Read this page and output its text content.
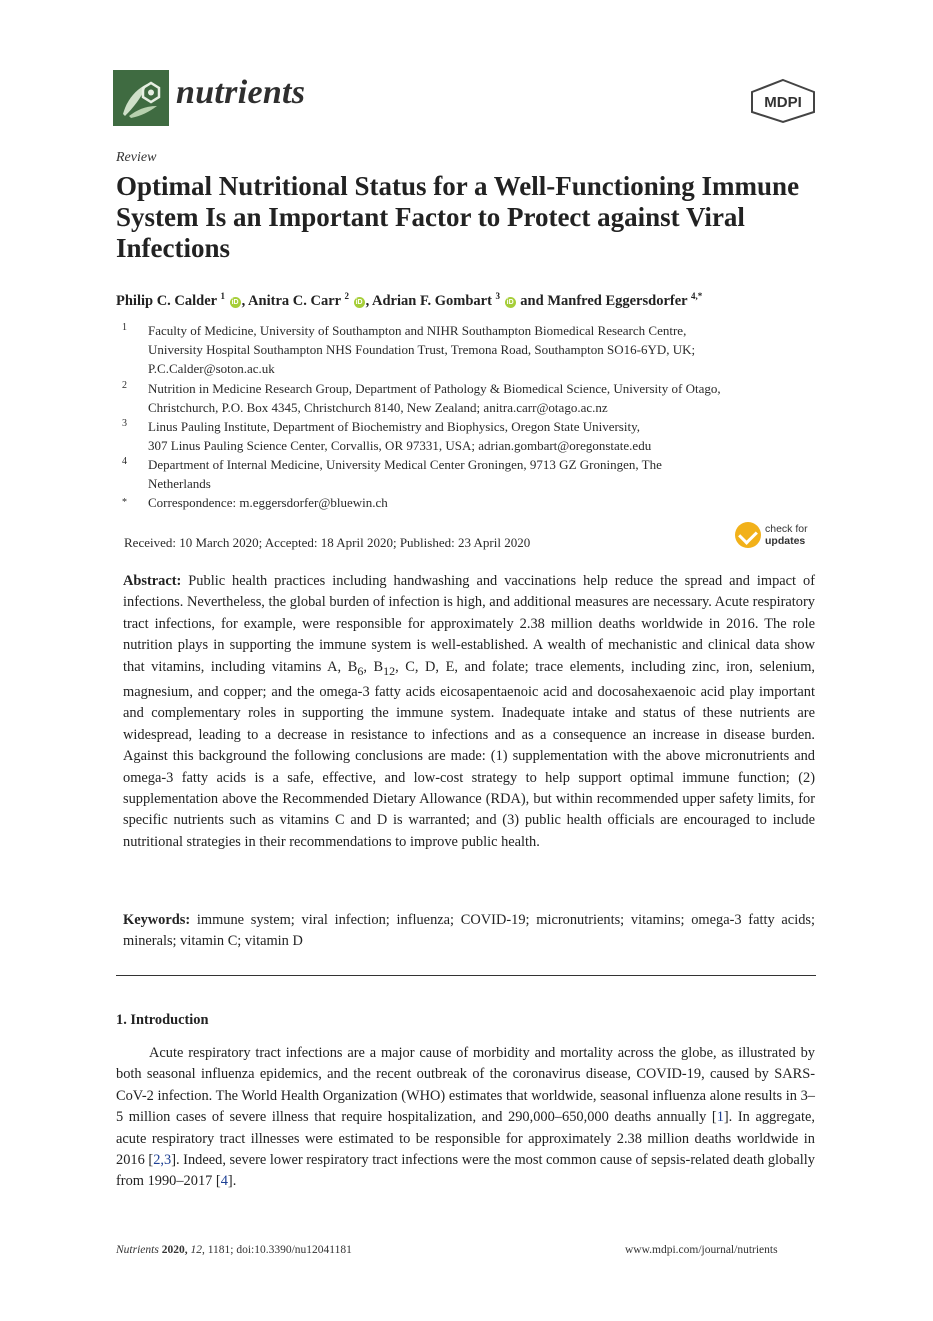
nutrients	MDPI
Review
Optimal Nutritional Status for a Well-Functioning Immune System Is an Important Factor to Protect against Viral Infections
Philip C. Calder $^1$ iD , Anitra C. Carr $^2$ iD , Adrian F. Gombart $^3$ iD and Manfred Eggersdorfer $^{4,*}$
1 Faculty of Medicine, University of Southampton and NIHR Southampton Biomedical Research Centre,
University Hospital Southampton NHS Foundation Trust, Tremona Road, Southampton SO16-6YD, UK;
P.C.Calder@soton.ac.uk
2 Nutrition in Medicine Research Group, Department of Pathology & Biomedical Science, University of Otago,
Christchurch, P.O. Box 4345, Christchurch 8140, New Zealand; anitra.carr@otago.ac.nz
3 Linus Pauling Institute, Department of Biochemistry and Biophysics, Oregon State University,
307 Linus Pauling Science Center, Corvallis, OR 97331, USA; adrian.gombart@oregonstate.edu
4 Department of Internal Medicine, University Medical Center Groningen, 9713 GZ Groningen, The
Netherlands
* Correspondence: m.eggersdorfer@bluewin.ch
Received: 10 March 2020; Accepted: 18 April 2020; Published: 23 April 2020
check for
updates
Abstract: Public health practices including handwashing and vaccinations help reduce the spread and impact of infections. Nevertheless, the global burden of infection is high, and additional measures are necessary. Acute respiratory tract infections, for example, were responsible for approximately 2.38 million deaths worldwide in 2016. The role nutrition plays in supporting the immune system is well-established. A wealth of mechanistic and clinical data show that vitamins, including vitamins A, $B_6$, $B_{12}$, C, D, E, and folate; trace elements, including zinc, iron, selenium, magnesium, and copper; and the omega-3 fatty acids eicosapentaenoic acid and docosahexaenoic acid play important and complementary roles in supporting the immune system. Inadequate intake and status of these nutrients are widespread, leading to a decrease in resistance to infections and as a consequence an increase in disease burden. Against this background the following conclusions are made: (1) supplementation with the above micronutrients and omega-3 fatty acids is a safe, effective, and low-cost strategy to help support optimal immune function; (2) supplementation above the Recommended Dietary Allowance (RDA), but within recommended upper safety limits, for specific nutrients such as vitamins C and D is warranted; and (3) public health officials are encouraged to include nutritional strategies in their recommendations to improve public health.
Keywords: immune system; viral infection; influenza; COVID-19; micronutrients; vitamins; omega-3 fatty acids; minerals; vitamin C; vitamin D
1. Introduction
Acute respiratory tract infections are a major cause of morbidity and mortality across the globe, as illustrated by both seasonal influenza epidemics, and the recent outbreak of the coronavirus disease, COVID-19, caused by SARS-CoV-2 infection. The World Health Organization (WHO) estimates that worldwide, seasonal influenza alone results in 3–5 million cases of severe illness that require hospitalization, and 290,000–650,000 deaths annually [1]. In aggregate, acute respiratory tract illnesses were estimated to be responsible for approximately 2.38 million deaths worldwide in 2016 [2,3]. Indeed, severe lower respiratory tract infections were the most common cause of sepsis-related death globally from 1990–2017 [4].
Nutrients 2020, 12, 1181; doi:10.3390/nu12041181	www.mdpi.com/journal/nutrients
